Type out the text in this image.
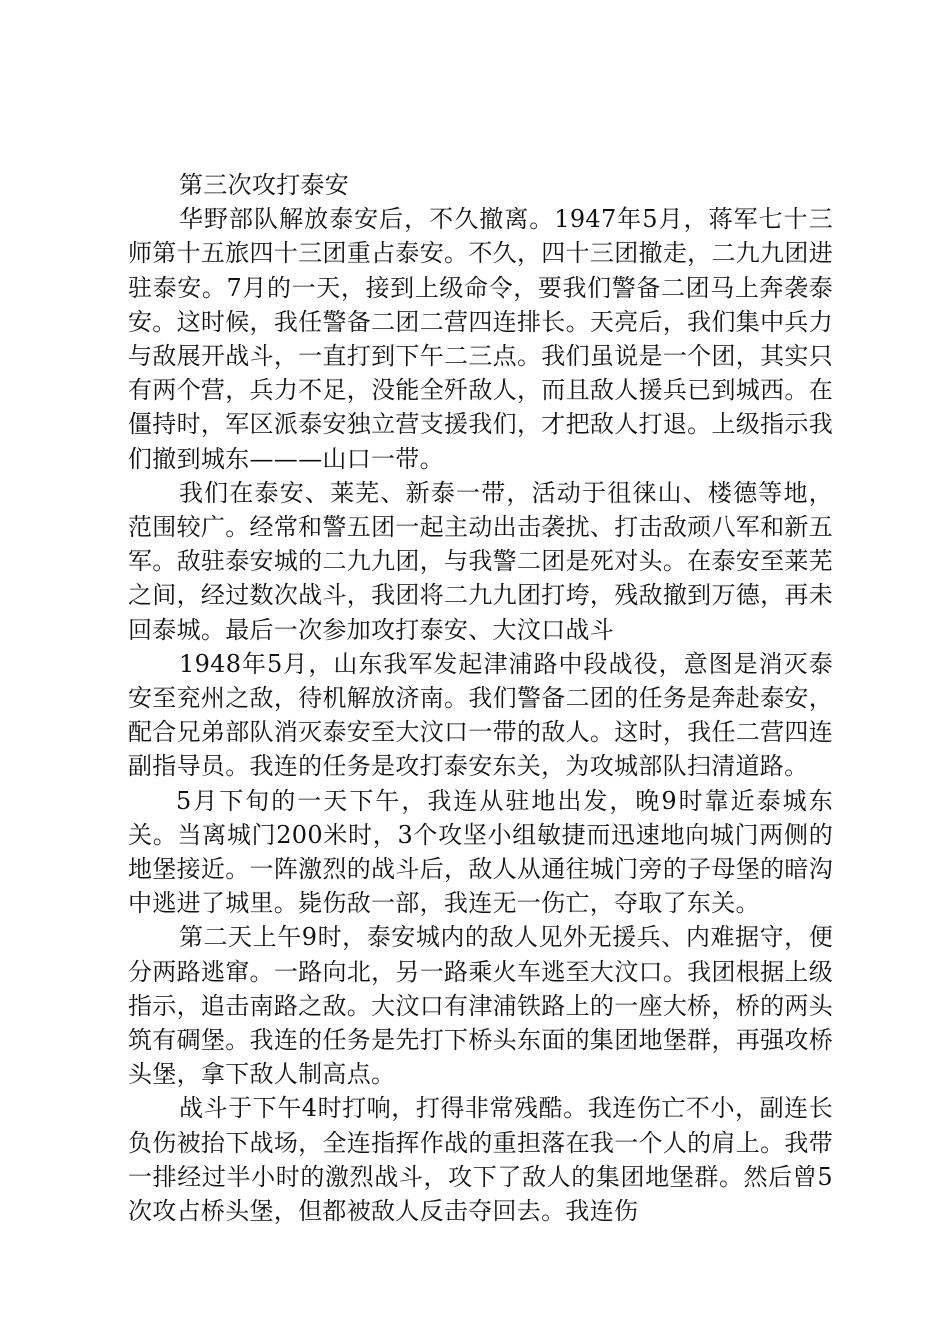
第三次攻打泰安

华野部队解放泰安后，不久撤离。1947年5月，蒋军七十三师第十五旅四十三团重占泰安。不久，四十三团撤走，二九九团进驻泰安。7月的一天，接到上级命令，要我们警备二团马上奔袭泰安。这时候，我任警备二团二营四连排长。天亮后，我们集中兵力与敌展开战斗，一直打到下午二三点。我们虽说是一个团，其实只有两个营，兵力不足，没能全歼敌人，而且敌人援兵已到城西。在僵持时，军区派泰安独立营支援我们，才把敌人打退。上级指示我们撤到城东———山口一带。

我们在泰安、莱芜、新泰一带，活动于徂徕山、楼德等地，范围较广。经常和警五团一起主动出击袭扰、打击敌顽八军和新五军。敌驻泰安城的二九九团，与我警二团是死对头。在泰安至莱芜之间，经过数次战斗，我团将二九九团打垮，残敌撤到万德，再未回泰城。最后一次参加攻打泰安、大汶口战斗

1948年5月，山东我军发起津浦路中段战役，意图是消灭泰安至兖州之敌，待机解放济南。我们警备二团的任务是奔赴泰安，配合兄弟部队消灭泰安至大汶口一带的敌人。这时，我任二营四连副指导员。我连的任务是攻打泰安东关，为攻城部队扫清道路。

5月下旬的一天下午，我连从驻地出发，晚9时靠近泰城东关。当离城门200米时，3个攻坚小组敏捷而迅速地向城门两侧的地堡接近。一阵激烈的战斗后，敌人从通往城门旁的子母堡的暗沟中逃进了城里。毙伤敌一部，我连无一伤亡，夺取了东关。

第二天上午9时，泰安城内的敌人见外无援兵、内难据守，便分两路逃窜。一路向北，另一路乘火车逃至大汶口。我团根据上级指示，追击南路之敌。大汶口有津浦铁路上的一座大桥，桥的两头筑有碉堡。我连的任务是先打下桥头东面的集团地堡群，再强攻桥头堡，拿下敌人制高点。

战斗于下午4时打响，打得非常残酷。我连伤亡不小，副连长负伤被抬下战场，全连指挥作战的重担落在我一个人的肩上。我带一排经过半小时的激烈战斗，攻下了敌人的集团地堡群。然后曾5次攻占桥头堡，但都被敌人反击夺回去。我连伤
